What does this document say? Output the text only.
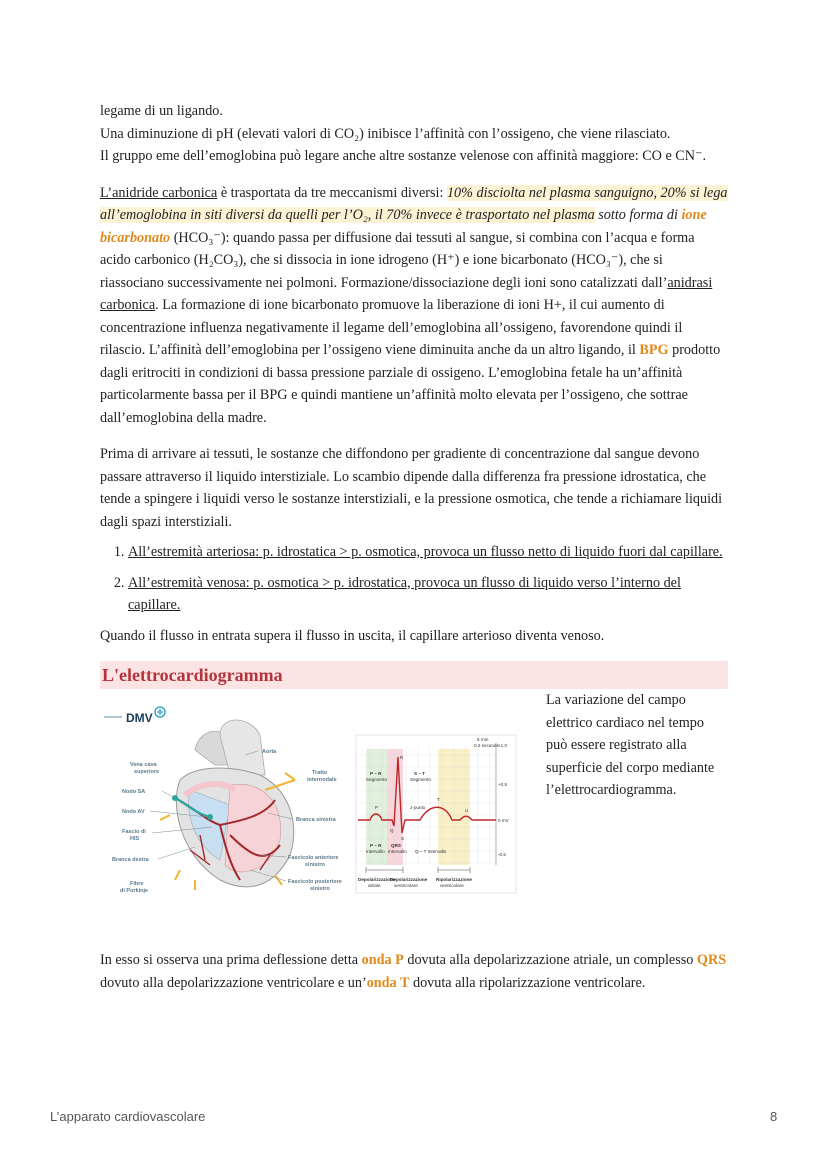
legame di un ligando.
Una diminuzione di pH (elevati valori di CO₂) inibisce l’affinità con l’ossigeno, che viene rilasciato.
Il gruppo eme dell’emoglobina può legare anche altre sostanze velenose con affinità maggiore: CO e CN⁻.

L’anidride carbonica è trasportata da tre meccanismi diversi: 10% disciolta nel plasma sanguigno, 20% si lega all’emoglobina in siti diversi da quelli per l’O₂, il 70% invece è trasportato nel plasma sotto forma di ione bicarbonato (HCO₃⁻): quando passa per diffusione dai tessuti al sangue, si combina con l’acqua e forma acido carbonico (H₂CO₃), che si dissocia in ione idrogeno (H⁺) e ione bicarbonato (HCO₃⁻), che si riassociano successivamente nei polmoni. Formazione/dissociazione degli ioni sono catalizzati dall’anidrasi carbonica. La formazione di ione bicarbonato promuove la liberazione di ioni H+, il cui aumento di concentrazione influenza negativamente il legame dell’emoglobina all’ossigeno, favorendone quindi il rilascio. L’affinità dell’emoglobina per l’ossigeno viene diminuita anche da un altro ligando, il BPG prodotto dagli eritrociti in condizioni di bassa pressione parziale di ossigeno. L’emoglobina fetale ha un’affinità particolarmente bassa per il BPG e quindi mantiene un’affinità molto elevata per l’ossigeno, che sottrae dall’emoglobina della madre.

Prima di arrivare ai tessuti, le sostanze che diffondono per gradiente di concentrazione dal sangue devono passare attraverso il liquido interstiziale. Lo scambio dipende dalla differenza fra pressione idrostatica, che tende a spingere i liquidi verso le sostanze interstiziali, e la pressione osmotica, che tende a richiamare liquidi dagli spazi interstiziali.

1. All’estremità arteriosa: p. idrostatica > p. osmotica, provoca un flusso netto di liquido fuori dal capillare.
2. All’estremità venosa: p. osmotica > p. idrostatica, provoca un flusso di liquido verso l’interno del capillare.

Quando il flusso in entrata supera il flusso in uscita, il capillare arterioso diventa venoso.

L'elettrocardiogramma
DMV
Aorta
Vena cava
superiore
Nodo SA
Nodo AV
Fascio di
HIS
Branca destra
Fibre
di Purkinje
Tratto
internodale
Branca sinistra
Fascicolo anteriore
sinistro
Fascicolo posteriore
sinistro
5 mm
0.2 seconds +1.0
+0.5
0 mV
-0.5
P
Q
R
S
T
U
P – R
Segmento
S – T
Segmento
J-punto
P – R
Intervallo
QRS
Intervallo Q – T Intervallo
Depolarizzazione
atriale
Depolarizzazione
ventricolare
Ripolarizzazione
ventricolare
La variazione del campo elettrico cardiaco nel tempo può essere registrato alla superficie del corpo mediante l’elettrocardiogramma.

In esso si osserva una prima deflessione detta onda P dovuta alla depolarizzazione atriale, un complesso QRS dovuto alla depolarizzazione ventricolare e un’onda T dovuta alla ripolarizzazione ventricolare.

L’apparato cardiovascolare	8
